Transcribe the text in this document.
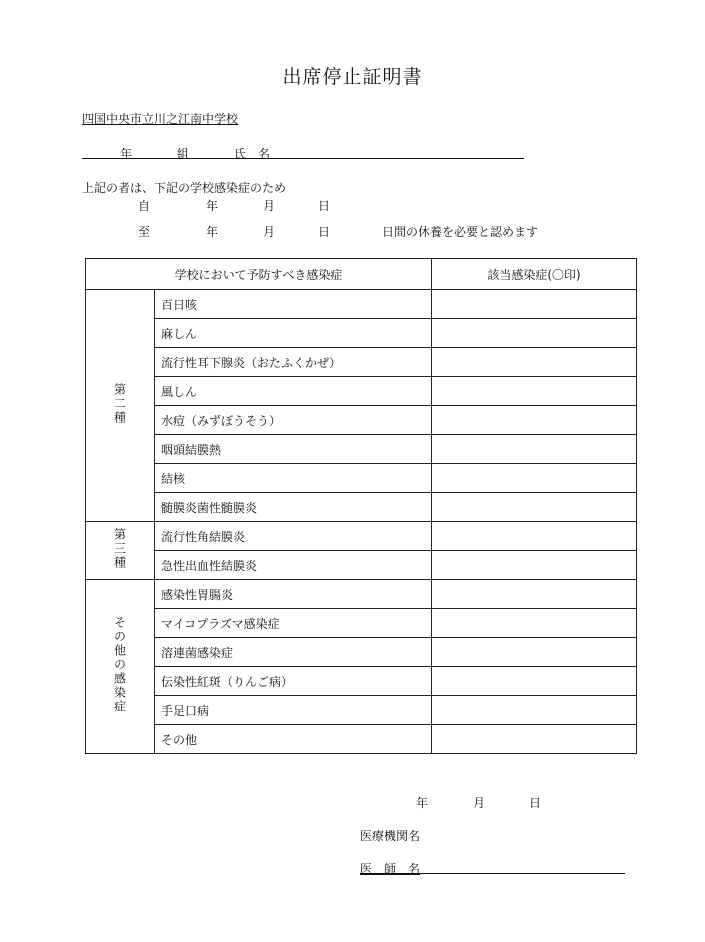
出席停止証明書
四国中央市立川之江南中学校
年	組	氏　名
上記の者は、下記の学校感染症のため
自	年	月	日
至	年	月	日	日間の休養を必要と認めます
学校において予防すべき感染症		該当感染症(〇印)
第二種	百日咳	
	麻しん	
	流行性耳下腺炎（おたふくかぜ）	
	風しん	
	水痘（みずぼうそう）	
	咽頭結膜熱	
	結核	
	髄膜炎菌性髄膜炎	
第三種	流行性角結膜炎	
	急性出血性結膜炎	
その他の感染症	感染性胃腸炎	
	マイコプラズマ感染症	
	溶連菌感染症	
	伝染性紅斑（りんご病）	
	手足口病	
	その他	
年	月	日
医療機関名
医　師　名
